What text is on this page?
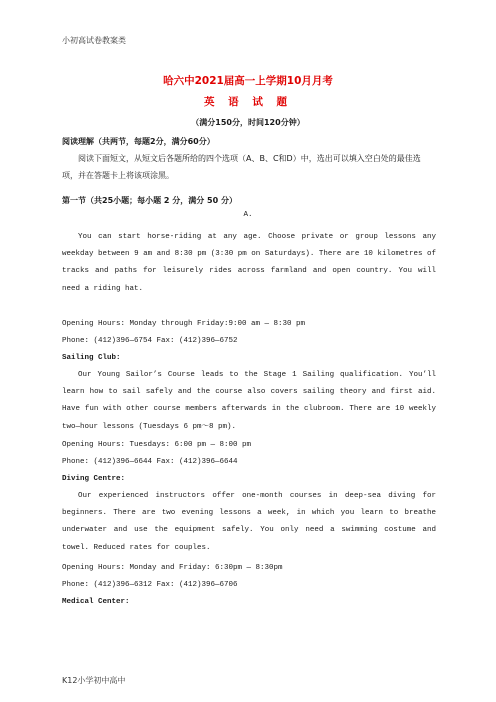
小初高试卷教案类
哈六中2021届高一上学期10月月考
英 语 试 题
（满分150分，时间120分钟）
阅读理解（共两节，每题2分，满分60分）
阅读下面短文，从短文后各题所给的四个选项（A、B、C和D）中，选出可以填入空白处的最佳选项，并在答题卡上将该项涂黑。
第一节（共25小题；每小题 2 分，满分 50 分）
A.
You can start horse-riding at any age. Choose private or group lessons any weekday between 9 am and 8:30 pm (3:30 pm on Saturdays). There are 10 kilometres of tracks and paths for leisurely rides across farmland and open country. You will need a riding hat.
Opening Hours: Monday through Friday:9:00 am — 8:30 pm
Phone: (412)396—6754 Fax: (412)396—6752
Sailing Club:
Our Young Sailor’s Course leads to the Stage 1 Sailing qualification. You’ll learn how to sail safely and the course also covers sailing theory and first aid. Have fun with other course members afterwards in the clubroom. There are 10 weekly two—hour lessons (Tuesdays 6 pm～8 pm).
Opening Hours: Tuesdays: 6:00 pm — 8:00 pm
Phone: (412)396—6644 Fax: (412)396—6644
Diving Centre:
Our experienced instructors offer one-month courses in deep-sea diving for beginners. There are two evening lessons a week, in which you learn to breathe underwater and use the equipment safely. You only need a swimming costume and towel. Reduced rates for couples.
Opening Hours: Monday and Friday: 6:30pm — 8:30pm
Phone: (412)396—6312 Fax: (412)396—6706
Medical Center:
K12小学初中高中
